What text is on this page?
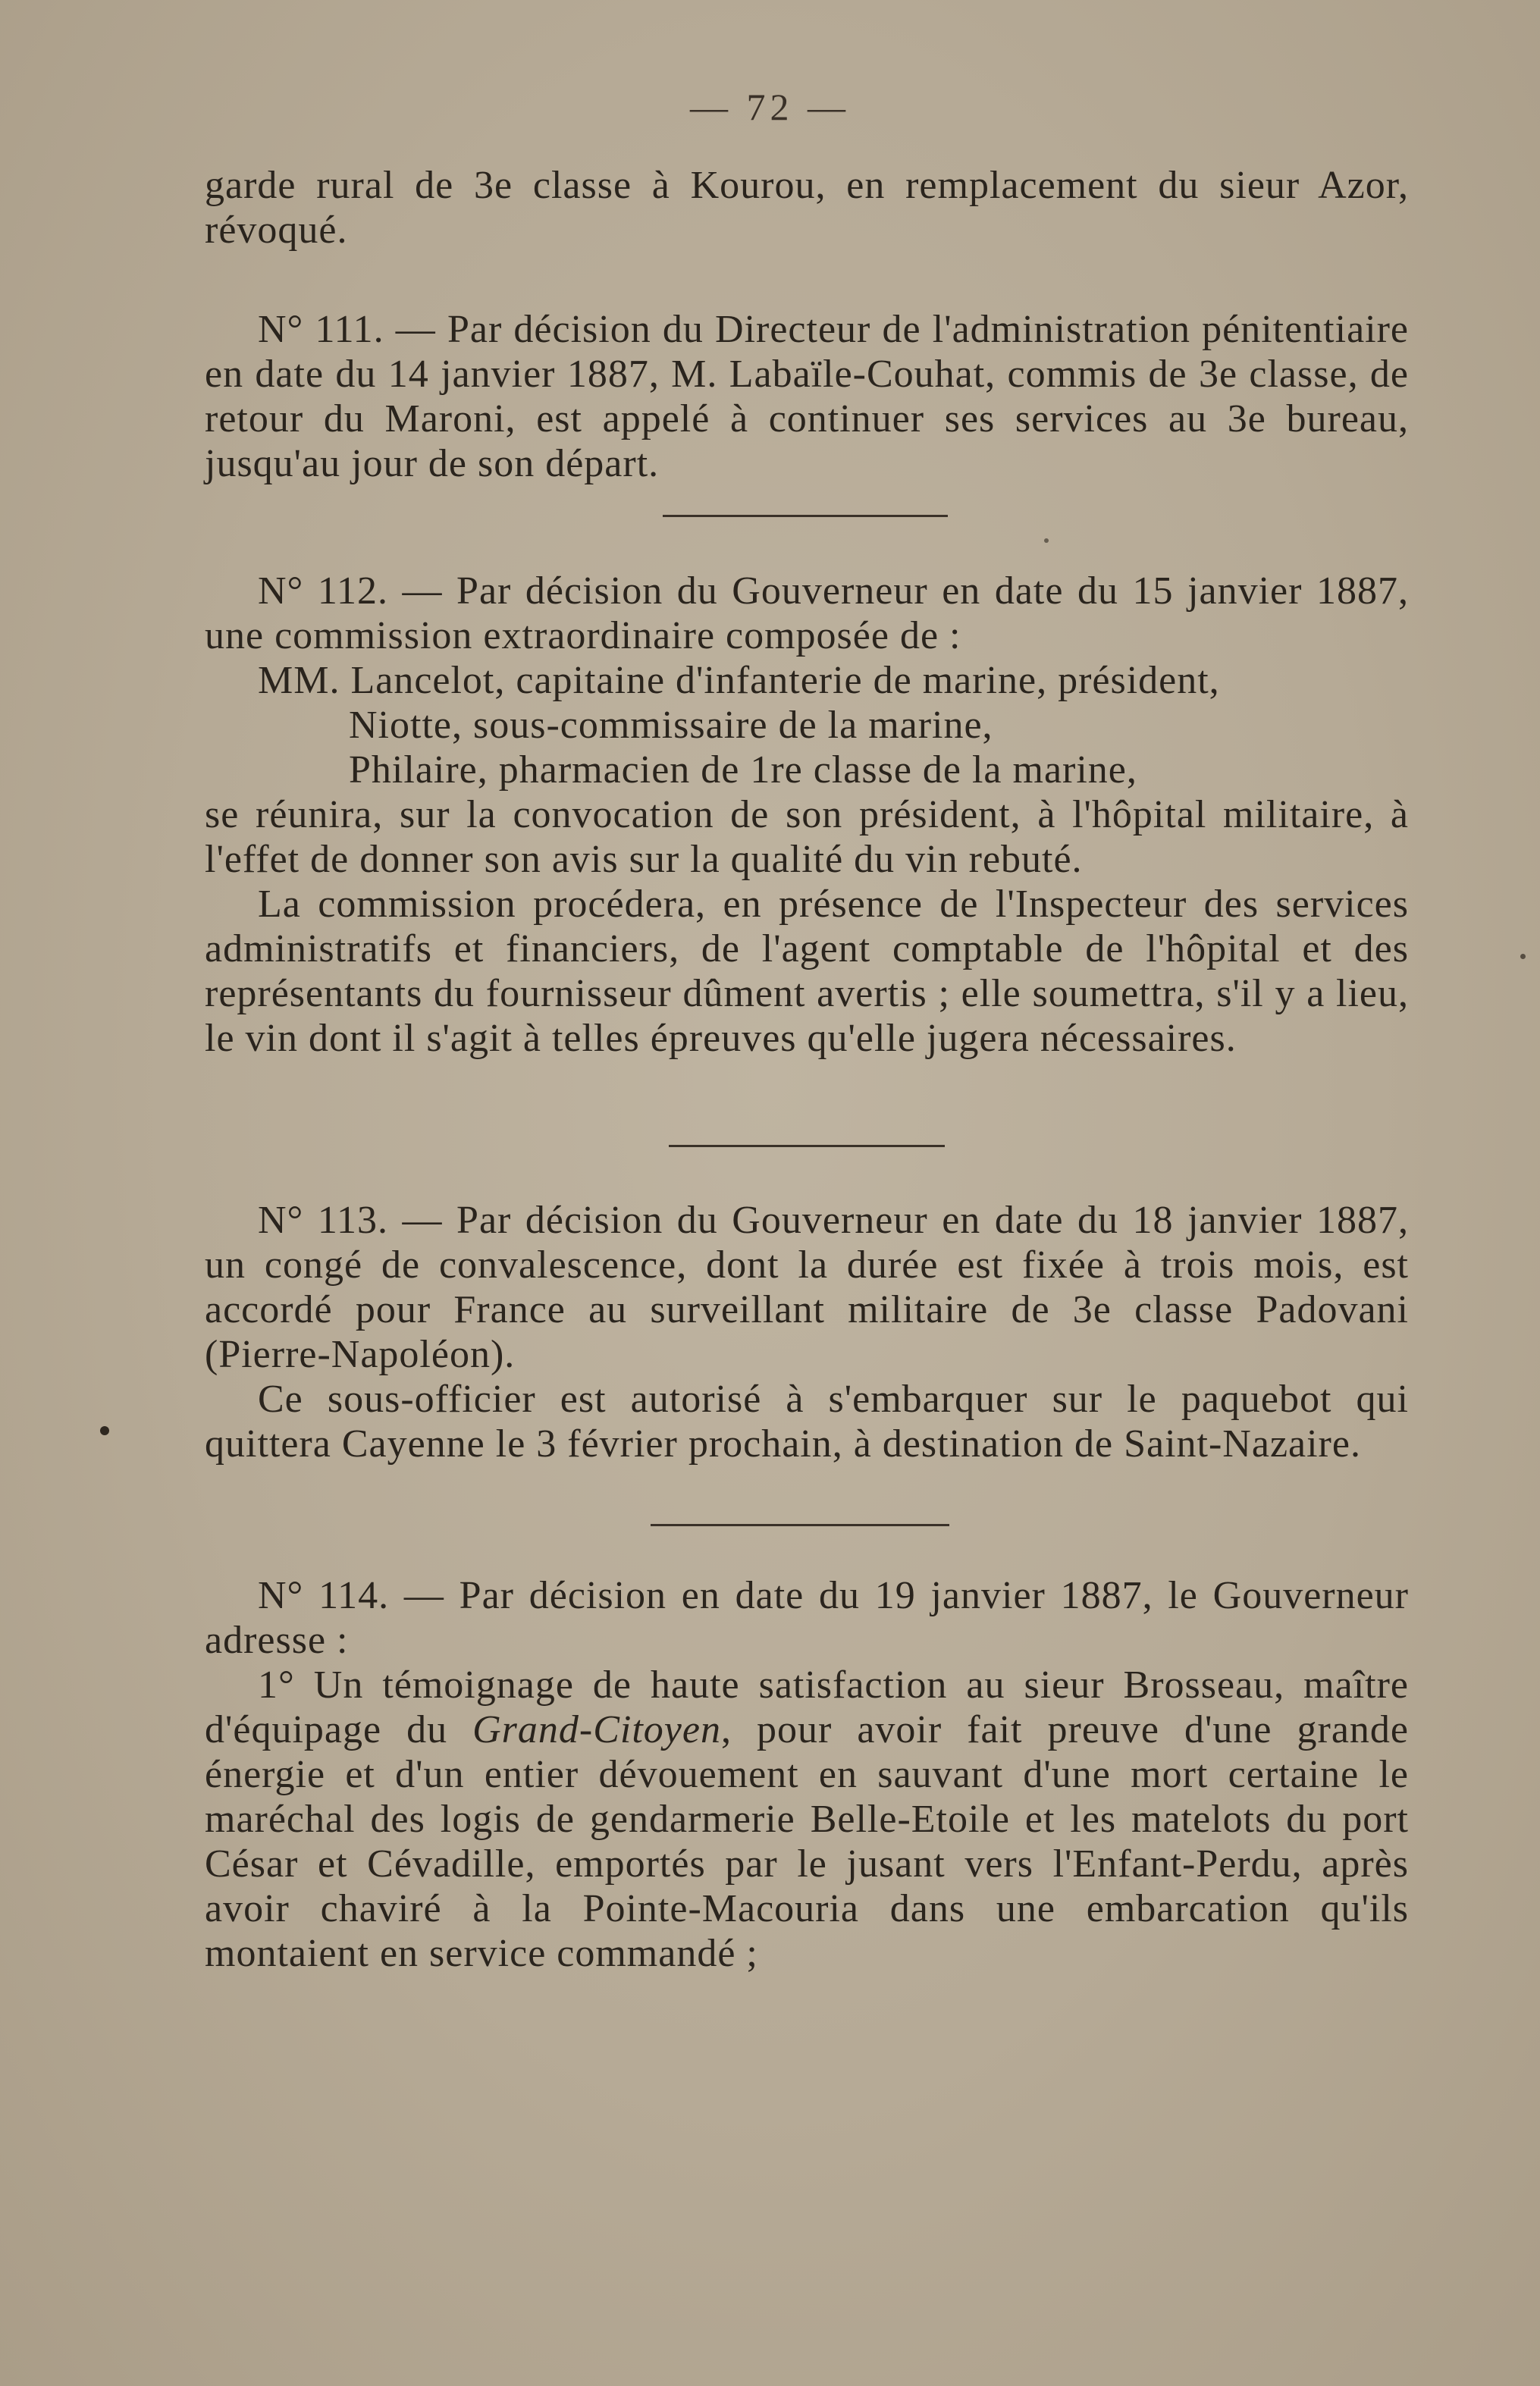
— 72 —

garde rural de 3e classe à Kourou, en remplacement du sieur Azor, révoqué.

N° 111. — Par décision du Directeur de l'administration pénitentiaire en date du 14 janvier 1887, M. Labaïle-Couhat, commis de 3e classe, de retour du Maroni, est appelé à continuer ses services au 3e bureau, jusqu'au jour de son départ.

N° 112. — Par décision du Gouverneur en date du 15 janvier 1887, une commission extraordinaire composée de :

MM. Lancelot, capitaine d'infanterie de marine, président,
Niotte, sous-commissaire de la marine,
Philaire, pharmacien de 1re classe de la marine,

se réunira, sur la convocation de son président, à l'hôpital militaire, à l'effet de donner son avis sur la qualité du vin rebuté.

La commission procédera, en présence de l'Inspecteur des services administratifs et financiers, de l'agent comptable de l'hôpital et des représentants du fournisseur dûment avertis ; elle soumettra, s'il y a lieu, le vin dont il s'agit à telles épreuves qu'elle jugera nécessaires.

N° 113. — Par décision du Gouverneur en date du 18 janvier 1887, un congé de convalescence, dont la durée est fixée à trois mois, est accordé pour France au surveillant militaire de 3e classe Padovani (Pierre-Napoléon).

Ce sous-officier est autorisé à s'embarquer sur le paquebot qui quittera Cayenne le 3 février prochain, à destination de Saint-Nazaire.

N° 114. — Par décision en date du 19 janvier 1887, le Gouverneur adresse :

1° Un témoignage de haute satisfaction au sieur Brosseau, maître d'équipage du Grand-Citoyen, pour avoir fait preuve d'une grande énergie et d'un entier dévouement en sauvant d'une mort certaine le maréchal des logis de gendarmerie Belle-Etoile et les matelots du port César et Cévadille, emportés par le jusant vers l'Enfant-Perdu, après avoir chaviré à la Pointe-Macouria dans une embarcation qu'ils montaient en service commandé ;
